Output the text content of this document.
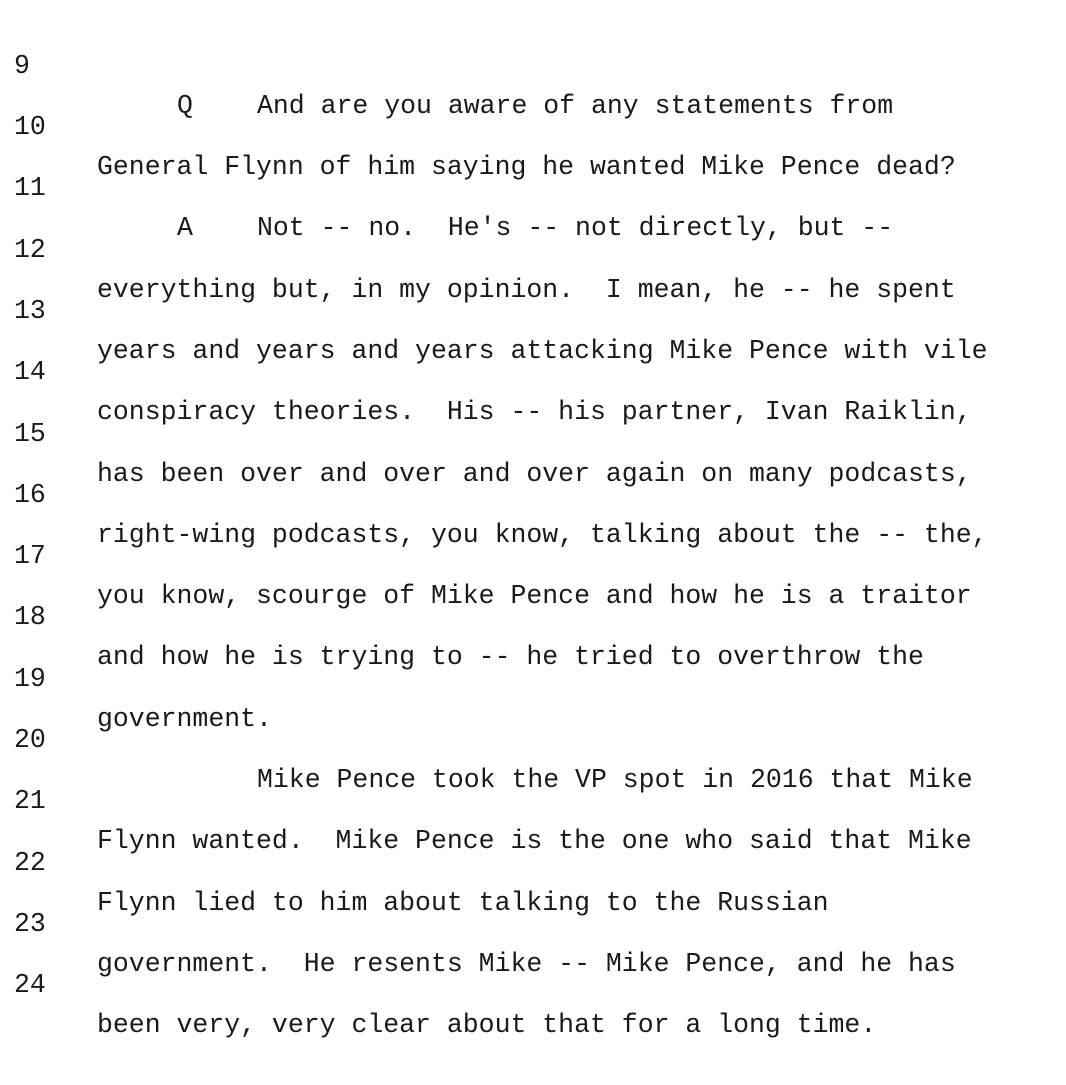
9

Q And are you aware of any statements from

10

General Flynn of him saying he wanted Mike Pence dead?

11

A Not -- no.  He's -- not directly, but --

12

everything but, in my opinion.  I mean, he -- he spent

13

years and years and years attacking Mike Pence with vile

14

conspiracy theories.  His -- his partner, Ivan Raiklin,

15

has been over and over and over again on many podcasts,

16

right-wing podcasts, you know, talking about the -- the,

17

you know, scourge of Mike Pence and how he is a traitor

18

and how he is trying to -- he tried to overthrow the

19

government.

20

Mike Pence took the VP spot in 2016 that Mike

21

Flynn wanted.  Mike Pence is the one who said that Mike

22

Flynn lied to him about talking to the Russian

23

government.  He resents Mike -- Mike Pence, and he has

24

been very, very clear about that for a long time.
